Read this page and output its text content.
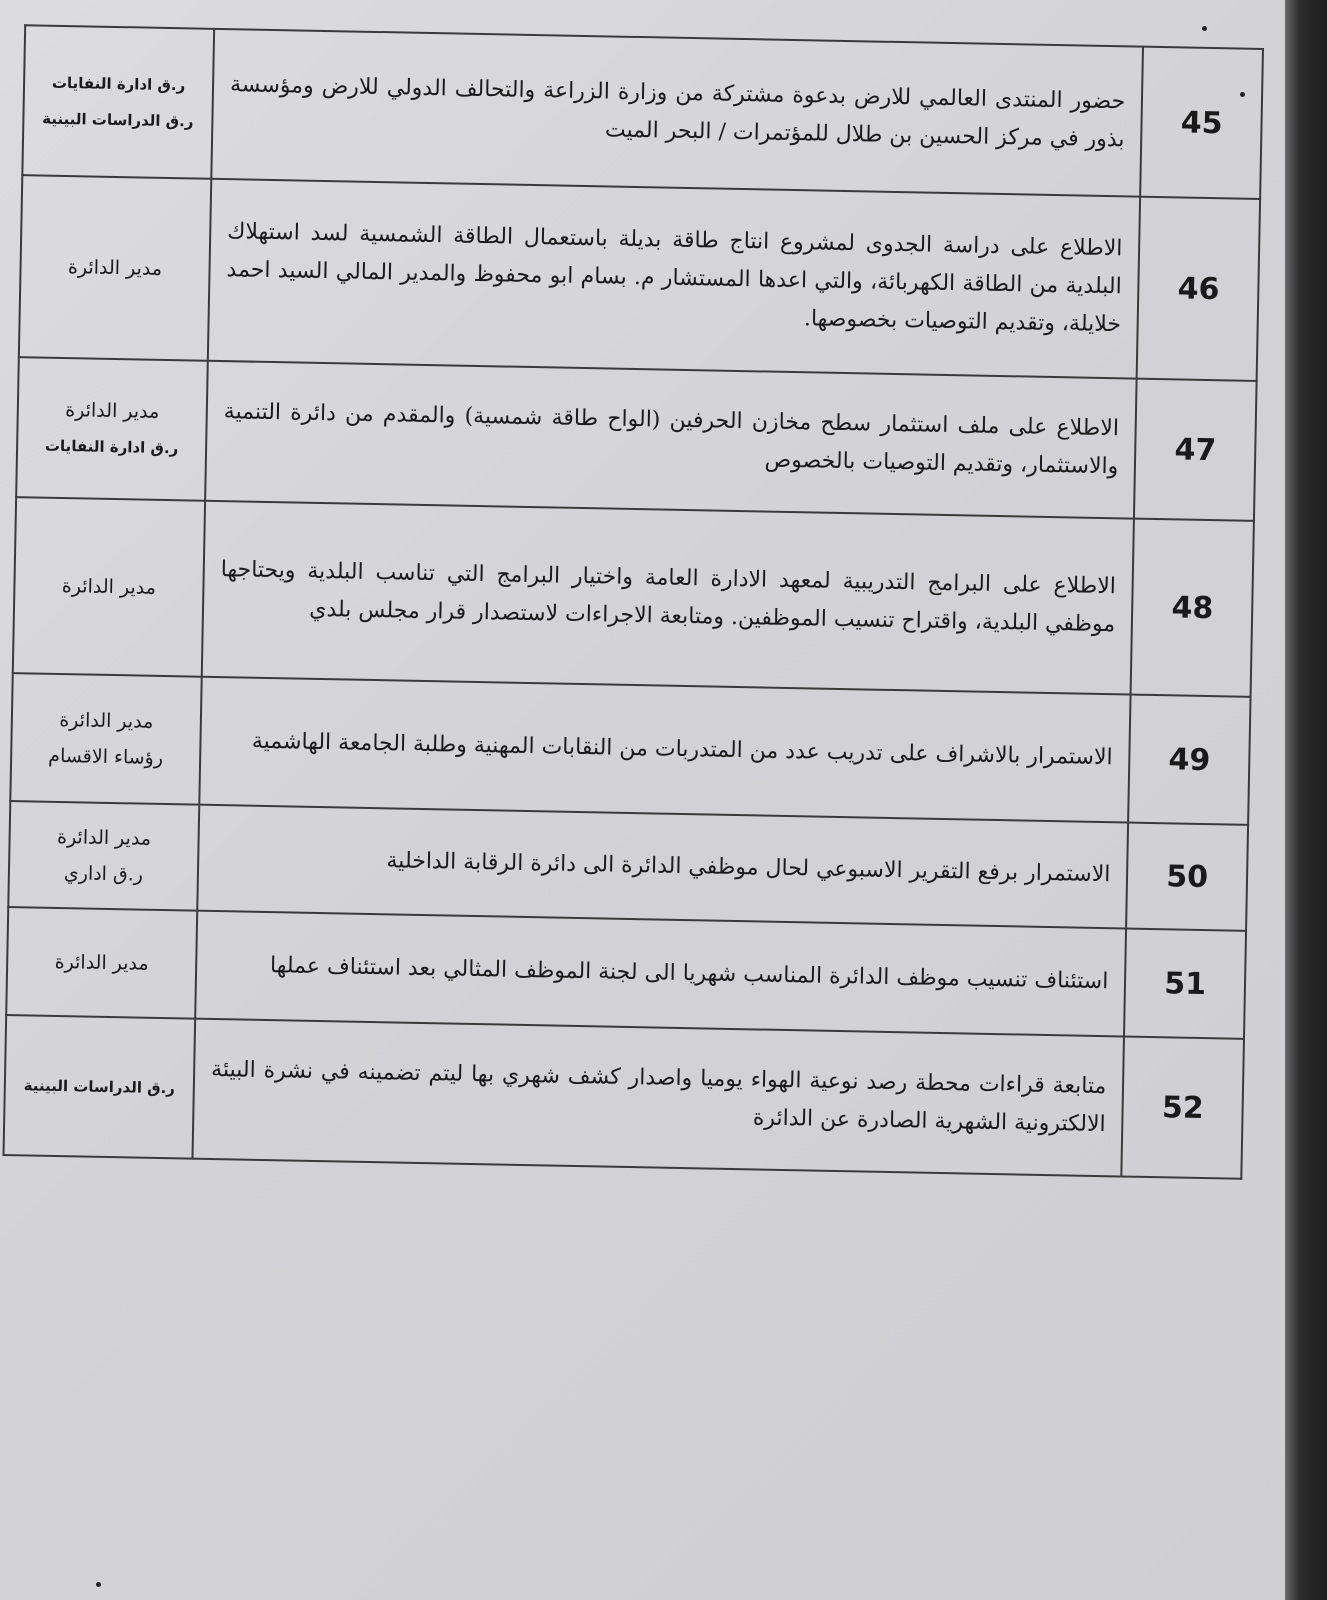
45	حضور المنتدى العالمي للارض بدعوة مشتركة من وزارة الزراعة والتحالف الدولي للارض ومؤسسة بذور في مركز الحسين بن طلال للمؤتمرات / البحر الميت	ر.ق ادارة النفايات
ر.ق الدراسات البينية

46	الاطلاع على دراسة الجدوى لمشروع انتاج طاقة بديلة باستعمال الطاقة الشمسية لسد استهلاك البلدية من الطاقة الكهربائة، والتي اعدها المستشار م. بسام ابو محفوظ والمدير المالي السيد احمد خلايلة، وتقديم التوصيات بخصوصها.	مدير الدائرة

47	الاطلاع على ملف استثمار سطح مخازن الحرفين (الواح طاقة شمسية) والمقدم من دائرة التنمية والاستثمار، وتقديم التوصيات بالخصوص	مدير الدائرة
ر.ق ادارة النفايات

48	الاطلاع على البرامج التدريبية لمعهد الادارة العامة واختيار البرامج التي تناسب البلدية ويحتاجها موظفي البلدية، واقتراح تنسيب الموظفين. ومتابعة الاجراءات لاستصدار قرار مجلس بلدي	مدير الدائرة

49	الاستمرار بالاشراف على تدريب عدد من المتدربات من النقابات المهنية وطلبة الجامعة الهاشمية	مدير الدائرة
رؤساء الاقسام

50	الاستمرار برفع التقرير الاسبوعي لحال موظفي الدائرة الى دائرة الرقابة الداخلية	مدير الدائرة
ر.ق اداري

51	استئناف تنسيب موظف الدائرة المناسب شهريا الى لجنة الموظف المثالي بعد استئناف عملها	مدير الدائرة

52	متابعة قراءات محطة رصد نوعية الهواء يوميا واصدار كشف شهري بها ليتم تضمينه في نشرة البيئة الالكترونية الشهرية الصادرة عن الدائرة	ر.ق الدراسات البينية
